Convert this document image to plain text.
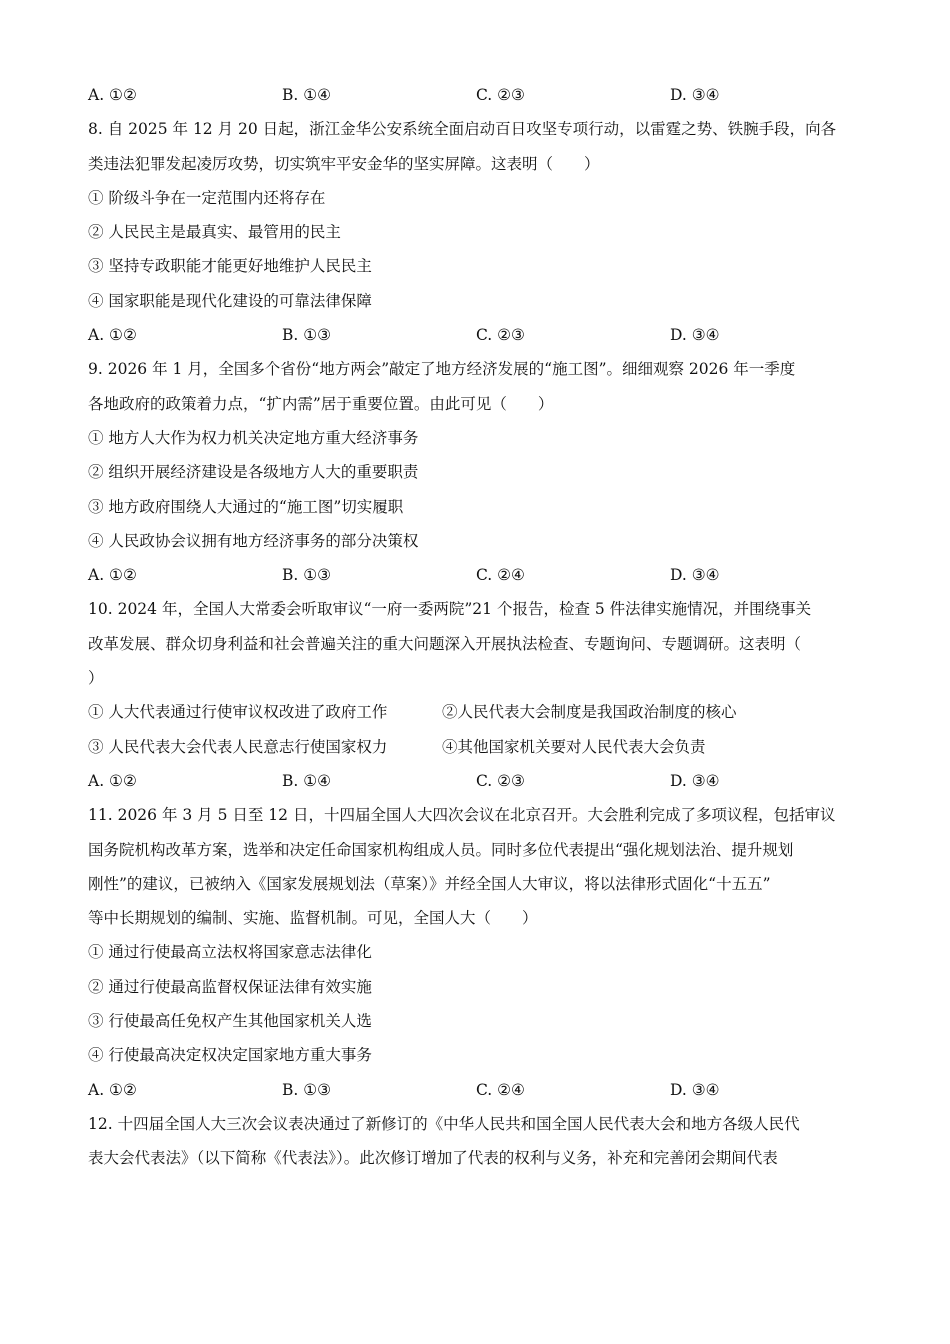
A. ①②	B. ①④	C. ②③	D. ③④
8. 自 2025 年 12 月 20 日起，浙江金华公安系统全面启动百日攻坚专项行动，以雷霆之势、铁腕手段，向各
类违法犯罪发起凌厉攻势，切实筑牢平安金华的坚实屏障。这表明（　　）
① 阶级斗争在一定范围内还将存在
② 人民民主是最真实、最管用的民主
③ 坚持专政职能才能更好地维护人民民主
④ 国家职能是现代化建设的可靠法律保障
A. ①②	B. ①③	C. ②③	D. ③④
9. 2026 年 1 月，全国多个省份“地方两会”敲定了地方经济发展的“施工图”。细细观察 2026 年一季度
各地政府的政策着力点，“扩内需”居于重要位置。由此可见（　　）
① 地方人大作为权力机关决定地方重大经济事务
② 组织开展经济建设是各级地方人大的重要职责
③ 地方政府围绕人大通过的“施工图”切实履职
④ 人民政协会议拥有地方经济事务的部分决策权
A. ①②	B. ①③	C. ②④	D. ③④
10. 2024 年，全国人大常委会听取审议“一府一委两院”21 个报告，检查 5 件法律实施情况，并围绕事关
改革发展、群众切身利益和社会普遍关注的重大问题深入开展执法检查、专题询问、专题调研。这表明（
）
① 人大代表通过行使审议权改进了政府工作	②人民代表大会制度是我国政治制度的核心
③ 人民代表大会代表人民意志行使国家权力	④其他国家机关要对人民代表大会负责
A. ①②	B. ①④	C. ②③	D. ③④
11. 2026 年 3 月 5 日至 12 日，十四届全国人大四次会议在北京召开。大会胜利完成了多项议程，包括审议
国务院机构改革方案，选举和决定任命国家机构组成人员。同时多位代表提出“强化规划法治、提升规划
刚性”的建议，已被纳入《国家发展规划法（草案）》并经全国人大审议，将以法律形式固化“十五五”
等中长期规划的编制、实施、监督机制。可见，全国人大（　　）
① 通过行使最高立法权将国家意志法律化
② 通过行使最高监督权保证法律有效实施
③ 行使最高任免权产生其他国家机关人选
④ 行使最高决定权决定国家地方重大事务
A. ①②	B. ①③	C. ②④	D. ③④
12. 十四届全国人大三次会议表决通过了新修订的《中华人民共和国全国人民代表大会和地方各级人民代
表大会代表法》（以下简称《代表法》）。此次修订增加了代表的权利与义务，补充和完善闭会期间代表
